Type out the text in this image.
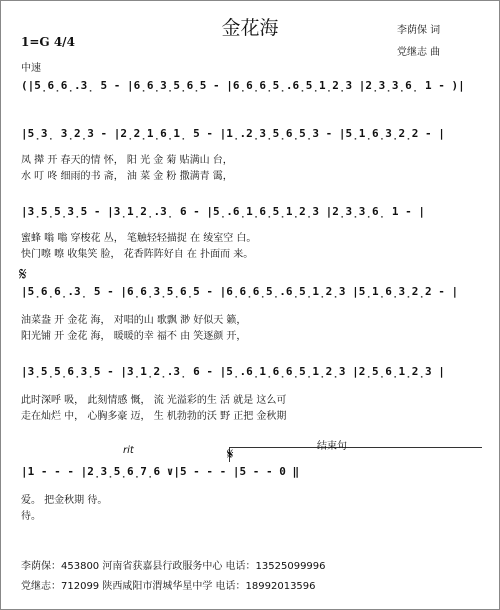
金花海	李荫保 词
党继志 曲
1=G 4/4
中速
(|5̣6̣6̣.3̣ 5 - |6̣6̣3̣5̣6̣5 - |6̣6̣6̣5̣.6̣5̣1̣2̣3 |2̣3̣3̣6̣ 1 - )|
|5̣3̣ 3̣2̣3 - |2̣2̣1̣6̣1̣ 5 - |1̣.2̣3̣5̣6̣5̣3 - |5̣1̣6̣3̣2̣2 - |
凤 撵 开 春天的情 怀， 阳 光 金 菊 贴满山 台，
水 叮 咚 细雨的书 斋， 油 菜 金 粉 撒满青 霭，
|3̣5̣5̣3̣5 - |3̣1̣2̣.3̣ 6 - |5̣.6̣1̣6̣5̣1̣2̣3 |2̣3̣3̣6̣ 1 - |
蜜蜂 嗡 嗡 穿梭花 丛， 笔触轻轻描捉 在 绫室空 白。
快门嚓 嚓 收集笑 脸， 花香阵阵好自 在 扑面而 来。
𝄋
|5̣6̣6̣.3̣ 5 - |6̣6̣3̣5̣6̣5 - |6̣6̣6̣5̣.6̣5̣1̣2̣3 |5̣1̣6̣3̣2̣2 - |
油菜盎 开 金花 海， 对唱的山 歌飘 渺 好似天 籁，
阳光铺 开 金花 海， 暖暖的幸 福不 由 笑逐颜 开，
|3̣5̣5̣6̣3̣5 - |3̣1̣2̣.3̣ 6 - |5̣.6̣1̣6̣6̣5̣1̣2̣3 |2̣5̣6̣1̣2̣3 |
此时深呼 吸， 此刻情感 慨， 流 光溢彩的生 活 就是 这么可
走在灿烂 中， 心胸多豪 迈， 生 机勃勃的沃 野 正把 金秋期
结束句
rit
|1 - - - |2̣3̣5̣6̣7̣6 ∨|5 - - - |5 - - 0 ‖
𝄋
爱。 把金秋期 待。
待。
李荫保：453800 河南省获嘉县行政服务中心 电话：13525099996
党继志：712099 陕西咸阳市渭城华星中学 电话：18992013596
